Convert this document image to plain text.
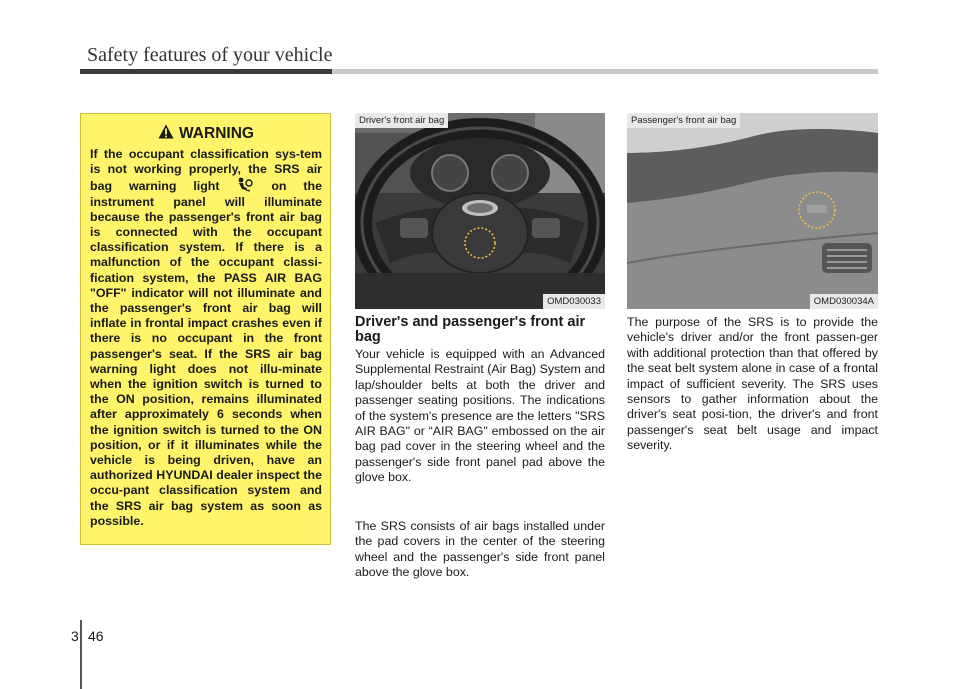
Safety features of your vehicle
WARNING

If the occupant classification sys-tem is not working properly, the SRS air bag warning light	on the instrument panel will illuminate because the passenger's front air bag is connected with the occupant classification system. If there is a malfunction of the occupant classi-fication system, the PASS AIR BAG "OFF" indicator will not illuminate and the passenger's front air bag will inflate in frontal impact crashes even if there is no occupant in the front passenger's seat. If the SRS air bag warning light does not illu-minate when the ignition switch is turned to the ON position, remains illuminated after approximately 6 seconds when the ignition switch is turned to the ON position, or if it illuminates while the vehicle is being driven, have an authorized HYUNDAI dealer inspect the occu-pant classification system and the SRS air bag system as soon as possible.

Driver's front air bag
OMD030033
Passenger's front air bag
OMD030034A
Driver's and passenger's front air bag

Your vehicle is equipped with an Advanced Supplemental Restraint (Air Bag) System and lap/shoulder belts at both the driver and passenger seating positions. The indications of the system's presence are the letters "SRS AIR BAG" or “AIR BAG" embossed on the air bag pad cover in the steering wheel and the passenger's side front panel pad above the glove box.

The SRS consists of air bags installed under the pad covers in the center of the steering wheel and the passenger's side front panel above the glove box.

The purpose of the SRS is to provide the vehicle's driver and/or the front passen-ger with additional protection than that offered by the seat belt system alone in case of a frontal impact of sufficient severity. The SRS uses sensors to gather information about the driver's seat posi-tion, the driver's and front passenger's seat belt usage and impact severity.

3 46
